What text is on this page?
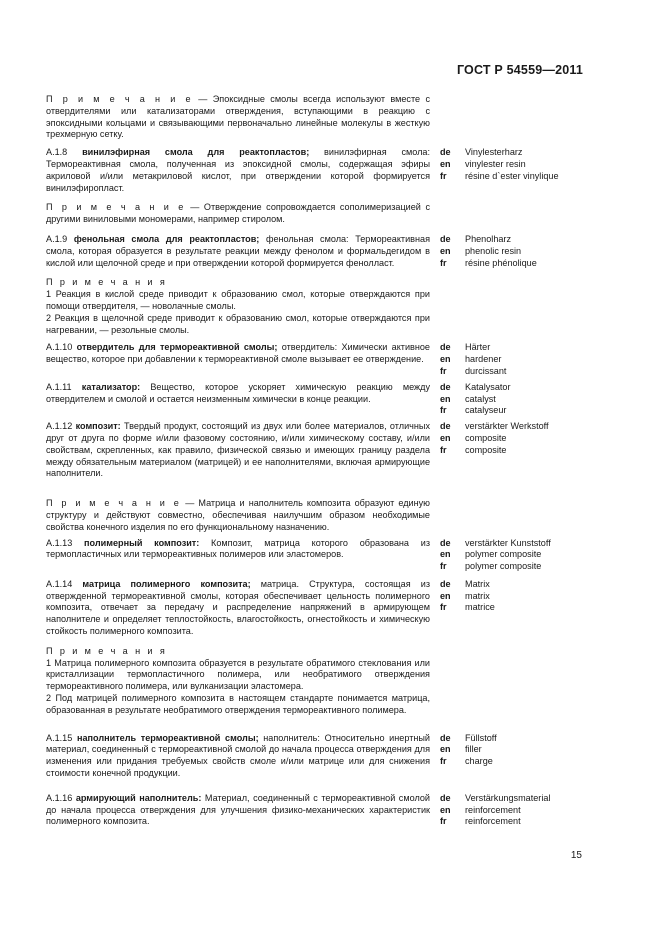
ГОСТ Р 54559—2011
П р и м е ч а н и е — Эпоксидные смолы всегда используют вместе с отвердителями или катализаторами отверждения, вступающими в реакцию с эпоксидными кольцами и связывающими первоначально линейные молекулы в жесткую трехмерную сетку.
А.1.8 винилэфирная смола для реактопластов; винилэфирная смола: Термореактивная смола, полученная из эпоксидной смолы, содержащая эфиры акриловой и/или метакриловой кислот, при отверждении которой формируется винилэфиропласт.
de	Vinylesterharz
en	vinylester resin
fr	résine d`ester vinylique
П р и м е ч а н и е — Отверждение сопровождается сополимеризацией с другими виниловыми мономерами, например стиролом.
А.1.9 фенольная смола для реактопластов; фенольная смола: Термореактивная смола, которая образуется в результате реакции между фенолом и формальдегидом в кислой или щелочной среде и при отверждении которой формируется фенолласт.
de	Phenolharz
en	phenolic resin
fr	résine phénolique
П р и м е ч а н и я
1 Реакция в кислой среде приводит к образованию смол, которые отверждаются при помощи отвердителя, — новолачные смолы.
2 Реакция в щелочной среде приводит к образованию смол, которые отверждаются при нагревании, — резольные смолы.
А.1.10 отвердитель для термореактивной смолы; отвердитель: Химически активное вещество, которое при добавлении к термореактивной смоле вызывает ее отверждение.
de	Härter
en	hardener
fr	durcissant
А.1.11 катализатор: Вещество, которое ускоряет химическую реакцию между отвердителем и смолой и остается неизменным химически в конце реакции.
de	Katalysator
en	catalyst
fr	catalyseur
А.1.12 композит: Твердый продукт, состоящий из двух или более материалов, отличных друг от друга по форме и/или фазовому состоянию, и/или химическому составу, и/или свойствам, скрепленных, как правило, физической связью и имеющих границу раздела между обязательным материалом (матрицей) и ее наполнителями, включая армирующие наполнители.
de	verstärkter Werkstoff
en	composite
fr	composite
П р и м е ч а н и е — Матрица и наполнитель композита образуют единую структуру и действуют совместно, обеспечивая наилучшим образом необходимые свойства конечного изделия по его функциональному назначению.
А.1.13 полимерный композит: Композит, матрица которого образована из термопластичных или термореактивных полимеров или эластомеров.
de	verstärkter Kunststoff
en	polymer composite
fr	polymer composite
А.1.14 матрица полимерного композита; матрица. Структура, состоящая из отвержденной термореактивной смолы, которая обеспечивает цельность полимерного композита, отвечает за передачу и распределение напряжений в армирующем наполнителе и определяет теплостойкость, влагостойкость, огнестойкость и химическую стойкость полимерного композита.
de	Matrix
en	matrix
fr	matrice
П р и м е ч а н и я
1 Матрица полимерного композита образуется в результате обратимого стеклования или кристаллизации термопластичного полимера, или необратимого отверждения термореактивного полимера, или вулканизации эластомера.
2 Под матрицей полимерного композита в настоящем стандарте понимается матрица, образованная в результате необратимого отверждения термореактивного полимера.
А.1.15 наполнитель термореактивной смолы; наполнитель: Относительно инертный материал, соединенный с термореактивной смолой до начала процесса отверждения для изменения или придания требуемых свойств смоле и/или матрице или для снижения стоимости конечной продукции.
de	Füllstoff
en	filler
fr	charge
А.1.16 армирующий наполнитель: Материал, соединенный с термореактивной смолой до начала процесса отверждения для улучшения физико-механических характеристик полимерного композита.
de	Verstärkungsmaterial
en	reinforcement
fr	reinforcement
15
